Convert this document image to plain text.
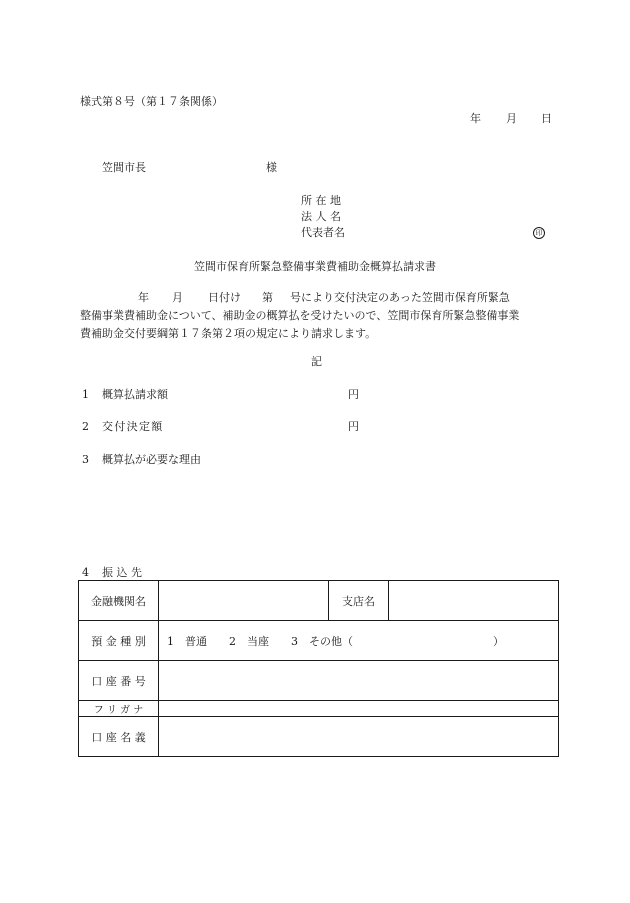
様式第８号（第１７条関係）
年 月 日
笠間市長	様
所 在 地
法 人 名
代表者名	印
笠間市保育所緊急整備事業費補助金概算払請求書
年 月 日付け 第 号により交付決定のあった笠間市保育所緊急
整備事業費補助金について、補助金の概算払を受けたいので、笠間市保育所緊急整備事業
費補助金交付要綱第１７条第２項の規定により請求します。
記
1 概算払請求額	円
2 交付決定額	円
3 概算払が必要な理由
4 振 込 先
金融機関名		支店名	
預 金 種 別	1　普通　　2　当座　　3　その他（ ）		
口 座 番 号			
フ リ ガ ナ			
口 座 名 義			
